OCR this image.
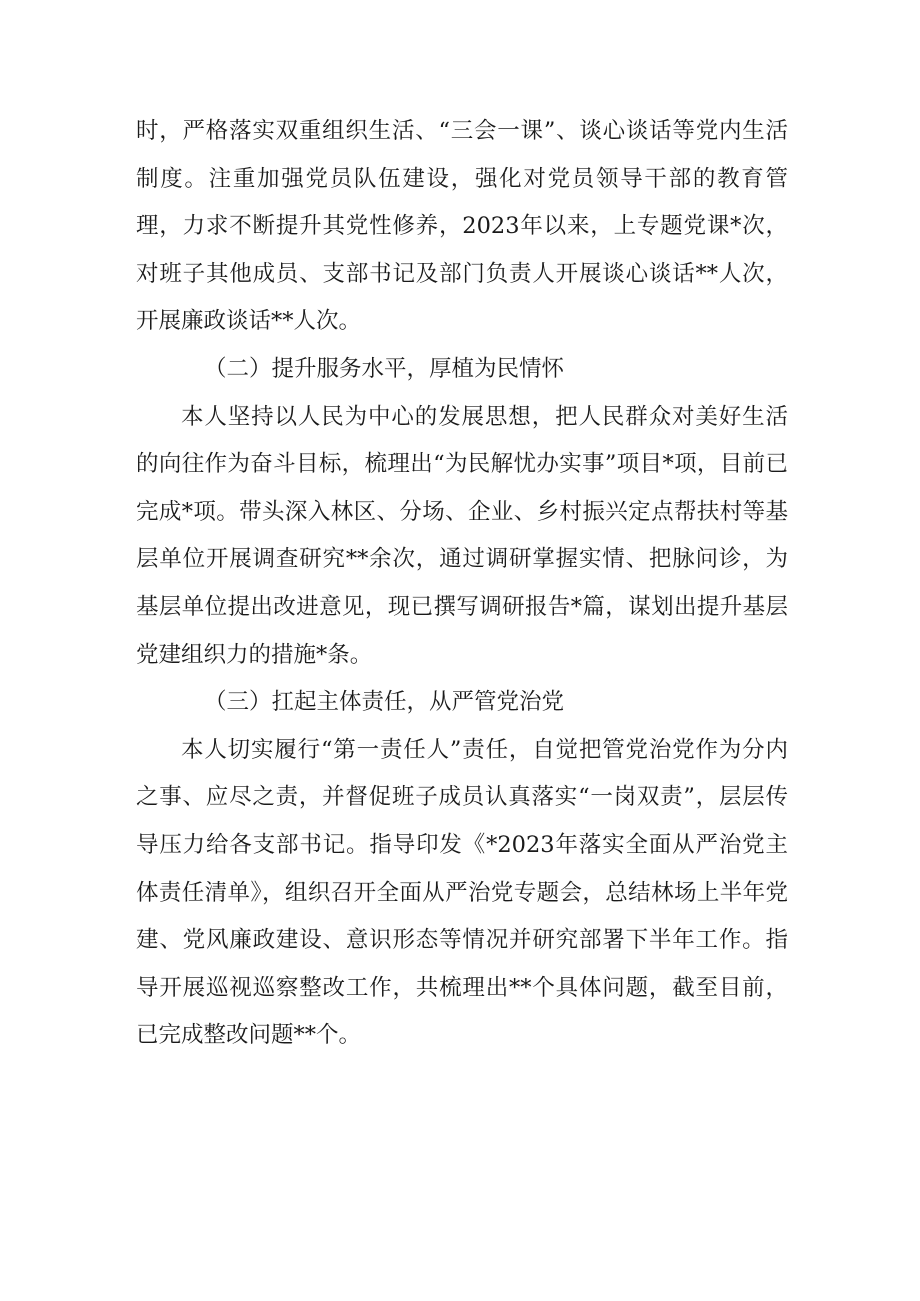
时，严格落实双重组织生活、“三会一课”、谈心谈话等党内生活制度。注重加强党员队伍建设，强化对党员领导干部的教育管理，力求不断提升其党性修养，2023年以来，上专题党课*次，对班子其他成员、支部书记及部门负责人开展谈心谈话**人次，开展廉政谈话**人次。

（二）提升服务水平，厚植为民情怀

本人坚持以人民为中心的发展思想，把人民群众对美好生活的向往作为奋斗目标，梳理出“为民解忧办实事”项目*项，目前已完成*项。带头深入林区、分场、企业、乡村振兴定点帮扶村等基层单位开展调查研究**余次，通过调研掌握实情、把脉问诊，为基层单位提出改进意见，现已撰写调研报告*篇，谋划出提升基层党建组织力的措施*条。

（三）扛起主体责任，从严管党治党

本人切实履行“第一责任人”责任，自觉把管党治党作为分内之事、应尽之责，并督促班子成员认真落实“一岗双责”，层层传导压力给各支部书记。指导印发《*2023年落实全面从严治党主体责任清单》，组织召开全面从严治党专题会，总结林场上半年党建、党风廉政建设、意识形态等情况并研究部署下半年工作。指导开展巡视巡察整改工作，共梳理出**个具体问题，截至目前，已完成整改问题**个。
